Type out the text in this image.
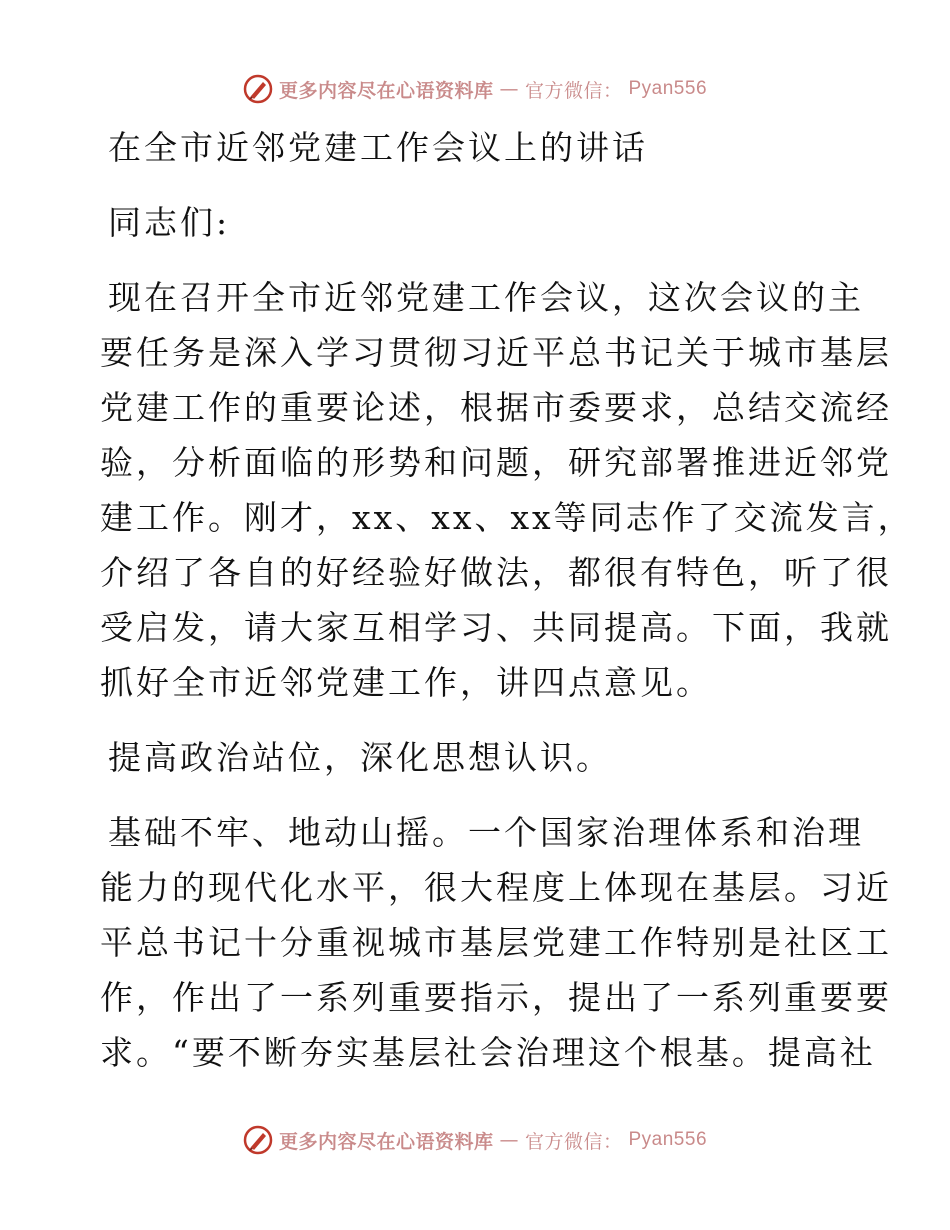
更多内容尽在心语资料库 — 官方微信： Pyan556

在全市近邻党建工作会议上的讲话

同志们:

现在召开全市近邻党建工作会议，这次会议的主

要任务是深入学习贯彻习近平总书记关于城市基层

党建工作的重要论述，根据市委要求，总结交流经

验，分析面临的形势和问题，研究部署推进近邻党

建工作。刚才，xx、xx、xx等同志作了交流发言，

介绍了各自的好经验好做法，都很有特色，听了很

受启发，请大家互相学习、共同提高。下面，我就

抓好全市近邻党建工作，讲四点意见。

提高政治站位，深化思想认识。

基础不牢、地动山摇。一个国家治理体系和治理

能力的现代化水平，很大程度上体现在基层。习近

平总书记十分重视城市基层党建工作特别是社区工

作，作出了一系列重要指示，提出了一系列重要要

求。“要不断夯实基层社会治理这个根基。提高社

更多内容尽在心语资料库 — 官方微信： Pyan556
